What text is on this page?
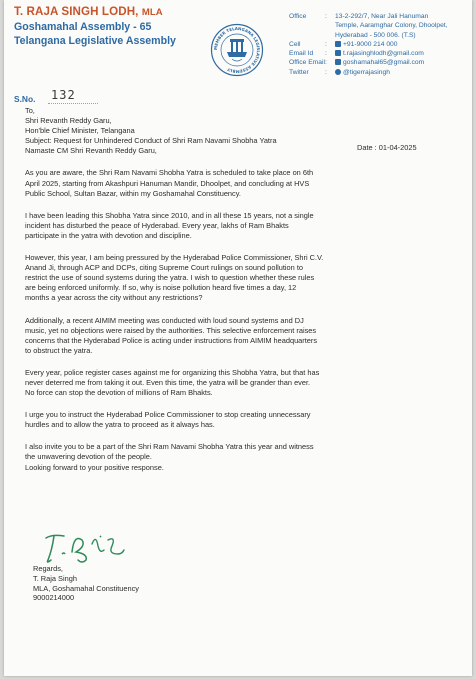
T. RAJA SINGH LODH, MLA
Goshamahal Assembly - 65
Telangana Legislative Assembly
MEMBER TELANGANA LEGISLATIVE ASSEMBLY
Office	:	13-2-292/7, Near Jali Hanuman
Temple, Aaramghar Colony, Dhoolpet,
Hyderabad - 500 006. (T.S)
Cell	:	+91-9000 214 000
Email Id	:	t.rajasinghlodh@gmail.com
Office Email :	goshamahal65@gmail.com
Twitter	:	@tigerrajasingh
S.No. 132
Date : 01-04-2025

To,

Shri Revanth Reddy Garu,

Hon'ble Chief Minister, Telangana

Subject: Request for Unhindered Conduct of Shri Ram Navami Shobha Yatra

Namaste CM Shri Revanth Reddy Garu,

As you are aware, the Shri Ram Navami Shobha Yatra is scheduled to take place on 6th

April 2025, starting from Akashpuri Hanuman Mandir, Dhoolpet, and concluding at HVS

Public School, Sultan Bazar, within my Goshamahal Constituency.

I have been leading this Shobha Yatra since 2010, and in all these 15 years, not a single

incident has disturbed the peace of Hyderabad. Every year, lakhs of Ram Bhakts

participate in the yatra with devotion and discipline.

However, this year, I am being pressured by the Hyderabad Police Commissioner, Shri C.V.

Anand Ji, through ACP and DCPs, citing Supreme Court rulings on sound pollution to

restrict the use of sound systems during the yatra. I wish to question whether these rules

are being enforced uniformly. If so, why is noise pollution heard five times a day, 12

months a year across the city without any restrictions?

Additionally, a recent AIMIM meeting was conducted with loud sound systems and DJ

music, yet no objections were raised by the authorities. This selective enforcement raises

concerns that the Hyderabad Police is acting under instructions from AIMIM headquarters

to obstruct the yatra.

Every year, police register cases against me for organizing this Shobha Yatra, but that has

never deterred me from taking it out. Even this time, the yatra will be grander than ever.

No force can stop the devotion of millions of Ram Bhakts.

I urge you to instruct the Hyderabad Police Commissioner to stop creating unnecessary

hurdles and to allow the yatra to proceed as it always has.

I also invite you to be a part of the Shri Ram Navami Shobha Yatra this year and witness

the unwavering devotion of the people.

Looking forward to your positive response.

Regards,
T. Raja Singh
MLA, Goshamahal Constituency
9000214000
